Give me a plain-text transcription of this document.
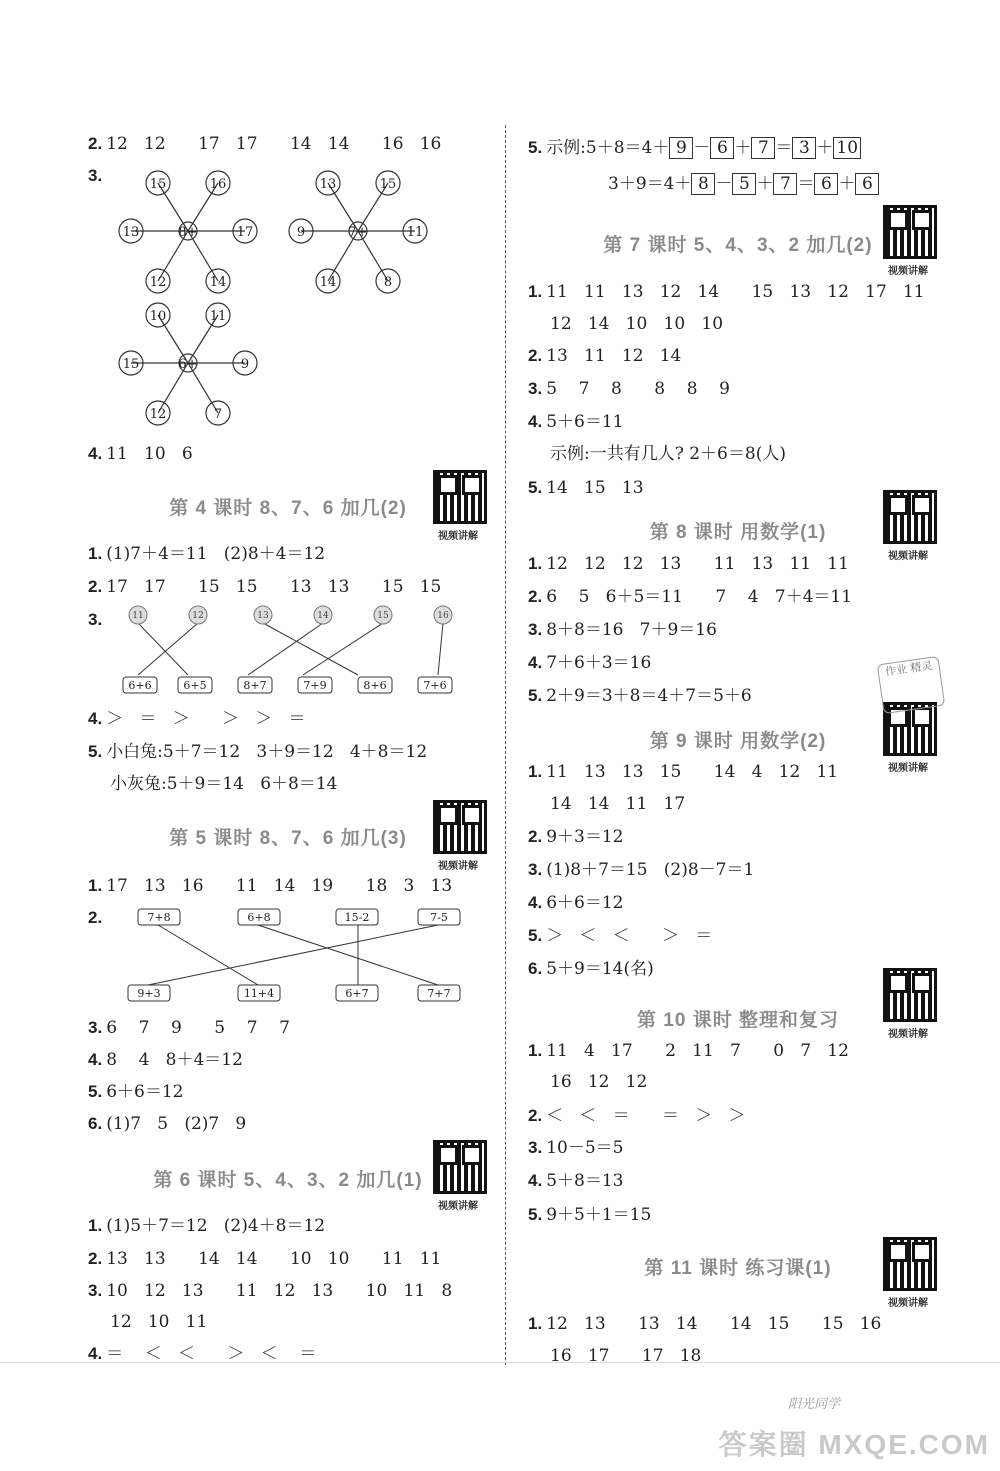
2. 12   12      17   17      14   14      16   16
3.	15	16
13	17
12	14
8+
13	15
9	11
14	8
7+
10	11
15	9
12	7
6+
4. 11   10   6
第 4 课时 8、7、6 加几(2)
视频讲解
1. (1)7＋4＝11   (2)8＋4＝12
2. 17   17      15   15      13   13      15   15
3.	11	12	13	14	15	16
6+6	6+5	8+7	7+9	8+6	7+6
4. ＞   ＝   ＞      ＞   ＞   ＝
5. 小白兔:5＋7＝12   3＋9＝12   4＋8＝12
小灰兔:5＋9＝14   6＋8＝14
第 5 课时 8、7、6 加几(3)
视频讲解
1. 17   13   16      11   14   19      18   3   13
2.	7+8	6+8	15-2	7-5
9+3	11+4	6+7	7+7
3. 6    7    9      5    7    7
4. 8    4   8＋4＝12
5. 6＋6＝12
6. (1)7   5   (2)7   9
第 6 课时 5、4、3、2 加几(1)
视频讲解
1. (1)5＋7＝12   (2)4＋8＝12
2. 13   13      14   14      10   10      11   11
3. 10   12   13      11   12   13      10   11   8
12   10   11
4. ＝    ＜   ＜      ＞   ＜    ＝
5. 示例:5＋8＝4＋ 9 － 6 ＋ 7 ＝ 3 ＋ 10
3＋9＝4＋ 8 － 5 ＋ 7 ＝ 6 ＋ 6
第 7 课时 5、4、3、2 加几(2)
视频讲解
1. 11   11   13   12   14      15   13   12   17   11
12   14   10   10   10
2. 13   11   12   14
3. 5    7    8      8    8    9
4. 5＋6＝11
示例:一共有几人? 2＋6＝8(人)
5. 14   15   13
第 8 课时 用数学(1)
视频讲解
1. 12   12   12   13      11   13   11   11
2. 6    5   6＋5＝11      7    4   7＋4＝11
3. 8＋8＝16   7＋9＝16
4. 7＋6＋3＝16
5. 2＋9＝3＋8＝4＋7＝5＋6
第 9 课时 用数学(2)
视频讲解
1. 11   13   13   15      14   4   12   11
14   14   11   17
2. 9＋3＝12
3. (1)8＋7＝15   (2)8－7＝1
4. 6＋6＝12
5. ＞   ＜   ＜      ＞   ＝
6. 5＋9＝14(名)
第 10 课时 整理和复习
视频讲解
1. 11   4   17      2   11   7      0   7   12
16   12   12
2. ＜   ＜   ＝      ＝   ＞   ＞
3. 10－5＝5
4. 5＋8＝13
5. 9＋5＋1＝15
第 11 课时 练习课(1)
视频讲解
1. 12   13      13   14      14   15      15   16
16   17      17   18
作业 精灵
阳光同学
答案圈 MXQE.COM
